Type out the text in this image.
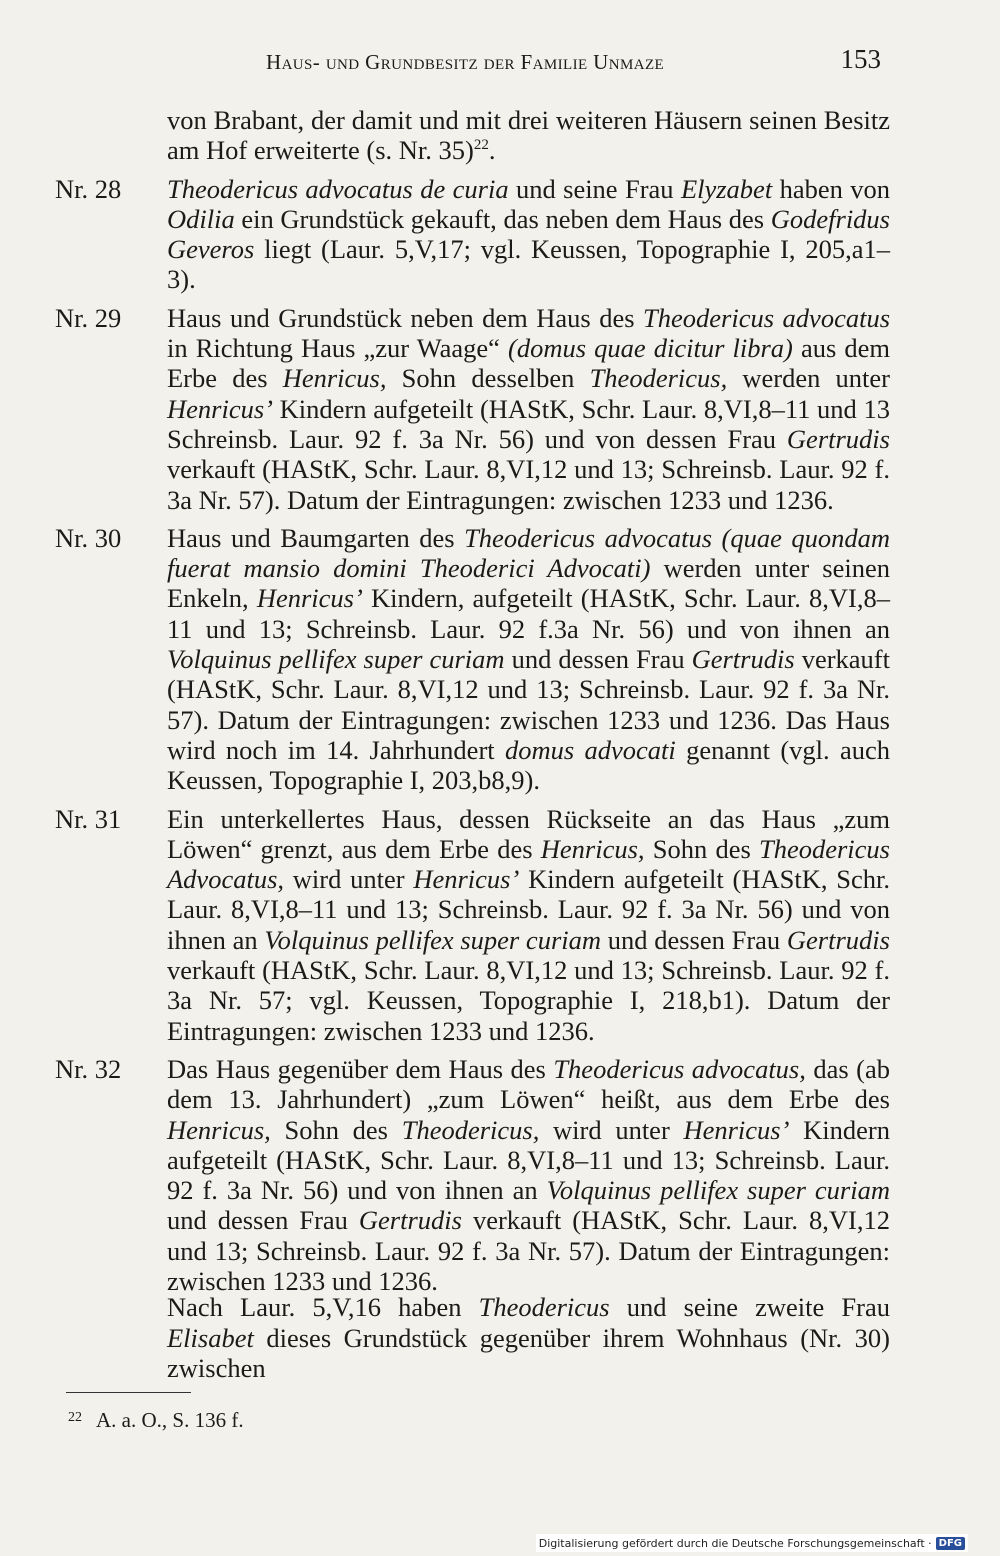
Haus- und Grundbesitz der Familie Unmaze	153
von Brabant, der damit und mit drei weiteren Häusern seinen Besitz am Hof erweiterte (s. Nr. 35)$^{22}$.
Nr. 28	Theodericus advocatus de curia und seine Frau Elyzabet haben von Odilia ein Grundstück gekauft, das neben dem Haus des Godefridus Geveros liegt (Laur. 5,V,17; vgl. Keussen, Topographie I, 205,a1–3).
Nr. 29	Haus und Grundstück neben dem Haus des Theodericus advocatus in Richtung Haus „zur Waage“ (domus quae dicitur libra) aus dem Erbe des Henricus, Sohn desselben Theodericus, werden unter Henricus’ Kindern aufgeteilt (HAStK, Schr. Laur. 8,VI,8–11 und 13 Schreinsb. Laur. 92 f. 3a Nr. 56) und von dessen Frau Gertrudis verkauft (HAStK, Schr. Laur. 8,VI,12 und 13; Schreinsb. Laur. 92 f. 3a Nr. 57). Datum der Eintragungen: zwischen 1233 und 1236.
Nr. 30	Haus und Baumgarten des Theodericus advocatus (quae quondam fuerat mansio domini Theoderici Advocati) werden unter seinen Enkeln, Henricus’ Kindern, aufgeteilt (HAStK, Schr. Laur. 8,VI,8–11 und 13; Schreinsb. Laur. 92 f.3a Nr. 56) und von ihnen an Volquinus pellifex super curiam und dessen Frau Gertrudis verkauft (HAStK, Schr. Laur. 8,VI,12 und 13; Schreinsb. Laur. 92 f. 3a Nr. 57). Datum der Eintragungen: zwischen 1233 und 1236. Das Haus wird noch im 14. Jahrhundert domus advocati genannt (vgl. auch Keussen, Topographie I, 203,b8,9).
Nr. 31	Ein unterkellertes Haus, dessen Rückseite an das Haus „zum Löwen“ grenzt, aus dem Erbe des Henricus, Sohn des Theodericus Advocatus, wird unter Henricus’ Kindern aufgeteilt (HAStK, Schr. Laur. 8,VI,8–11 und 13; Schreinsb. Laur. 92 f. 3a Nr. 56) und von ihnen an Volquinus pellifex super curiam und dessen Frau Gertrudis verkauft (HAStK, Schr. Laur. 8,VI,12 und 13; Schreinsb. Laur. 92 f. 3a Nr. 57; vgl. Keussen, Topographie I, 218,b1). Datum der Eintragungen: zwischen 1233 und 1236.
Nr. 32	Das Haus gegenüber dem Haus des Theodericus advocatus, das (ab dem 13. Jahrhundert) „zum Löwen“ heißt, aus dem Erbe des Henricus, Sohn des Theodericus, wird unter Henricus’ Kindern aufgeteilt (HAStK, Schr. Laur. 8,VI,8–11 und 13; Schreinsb. Laur. 92 f. 3a Nr. 56) und von ihnen an Volquinus pellifex super curiam und dessen Frau Gertrudis verkauft (HAStK, Schr. Laur. 8,VI,12 und 13; Schreinsb. Laur. 92 f. 3a Nr. 57). Datum der Eintragungen: zwischen 1233 und 1236.
Nach Laur. 5,V,16 haben Theodericus und seine zweite Frau Elisabet dieses Grundstück gegenüber ihrem Wohnhaus (Nr. 30) zwischen
$^{22}$ A. a. O., S. 136 f.
Digitalisierung gefördert durch die Deutsche Forschungsgemeinschaft · DFG
